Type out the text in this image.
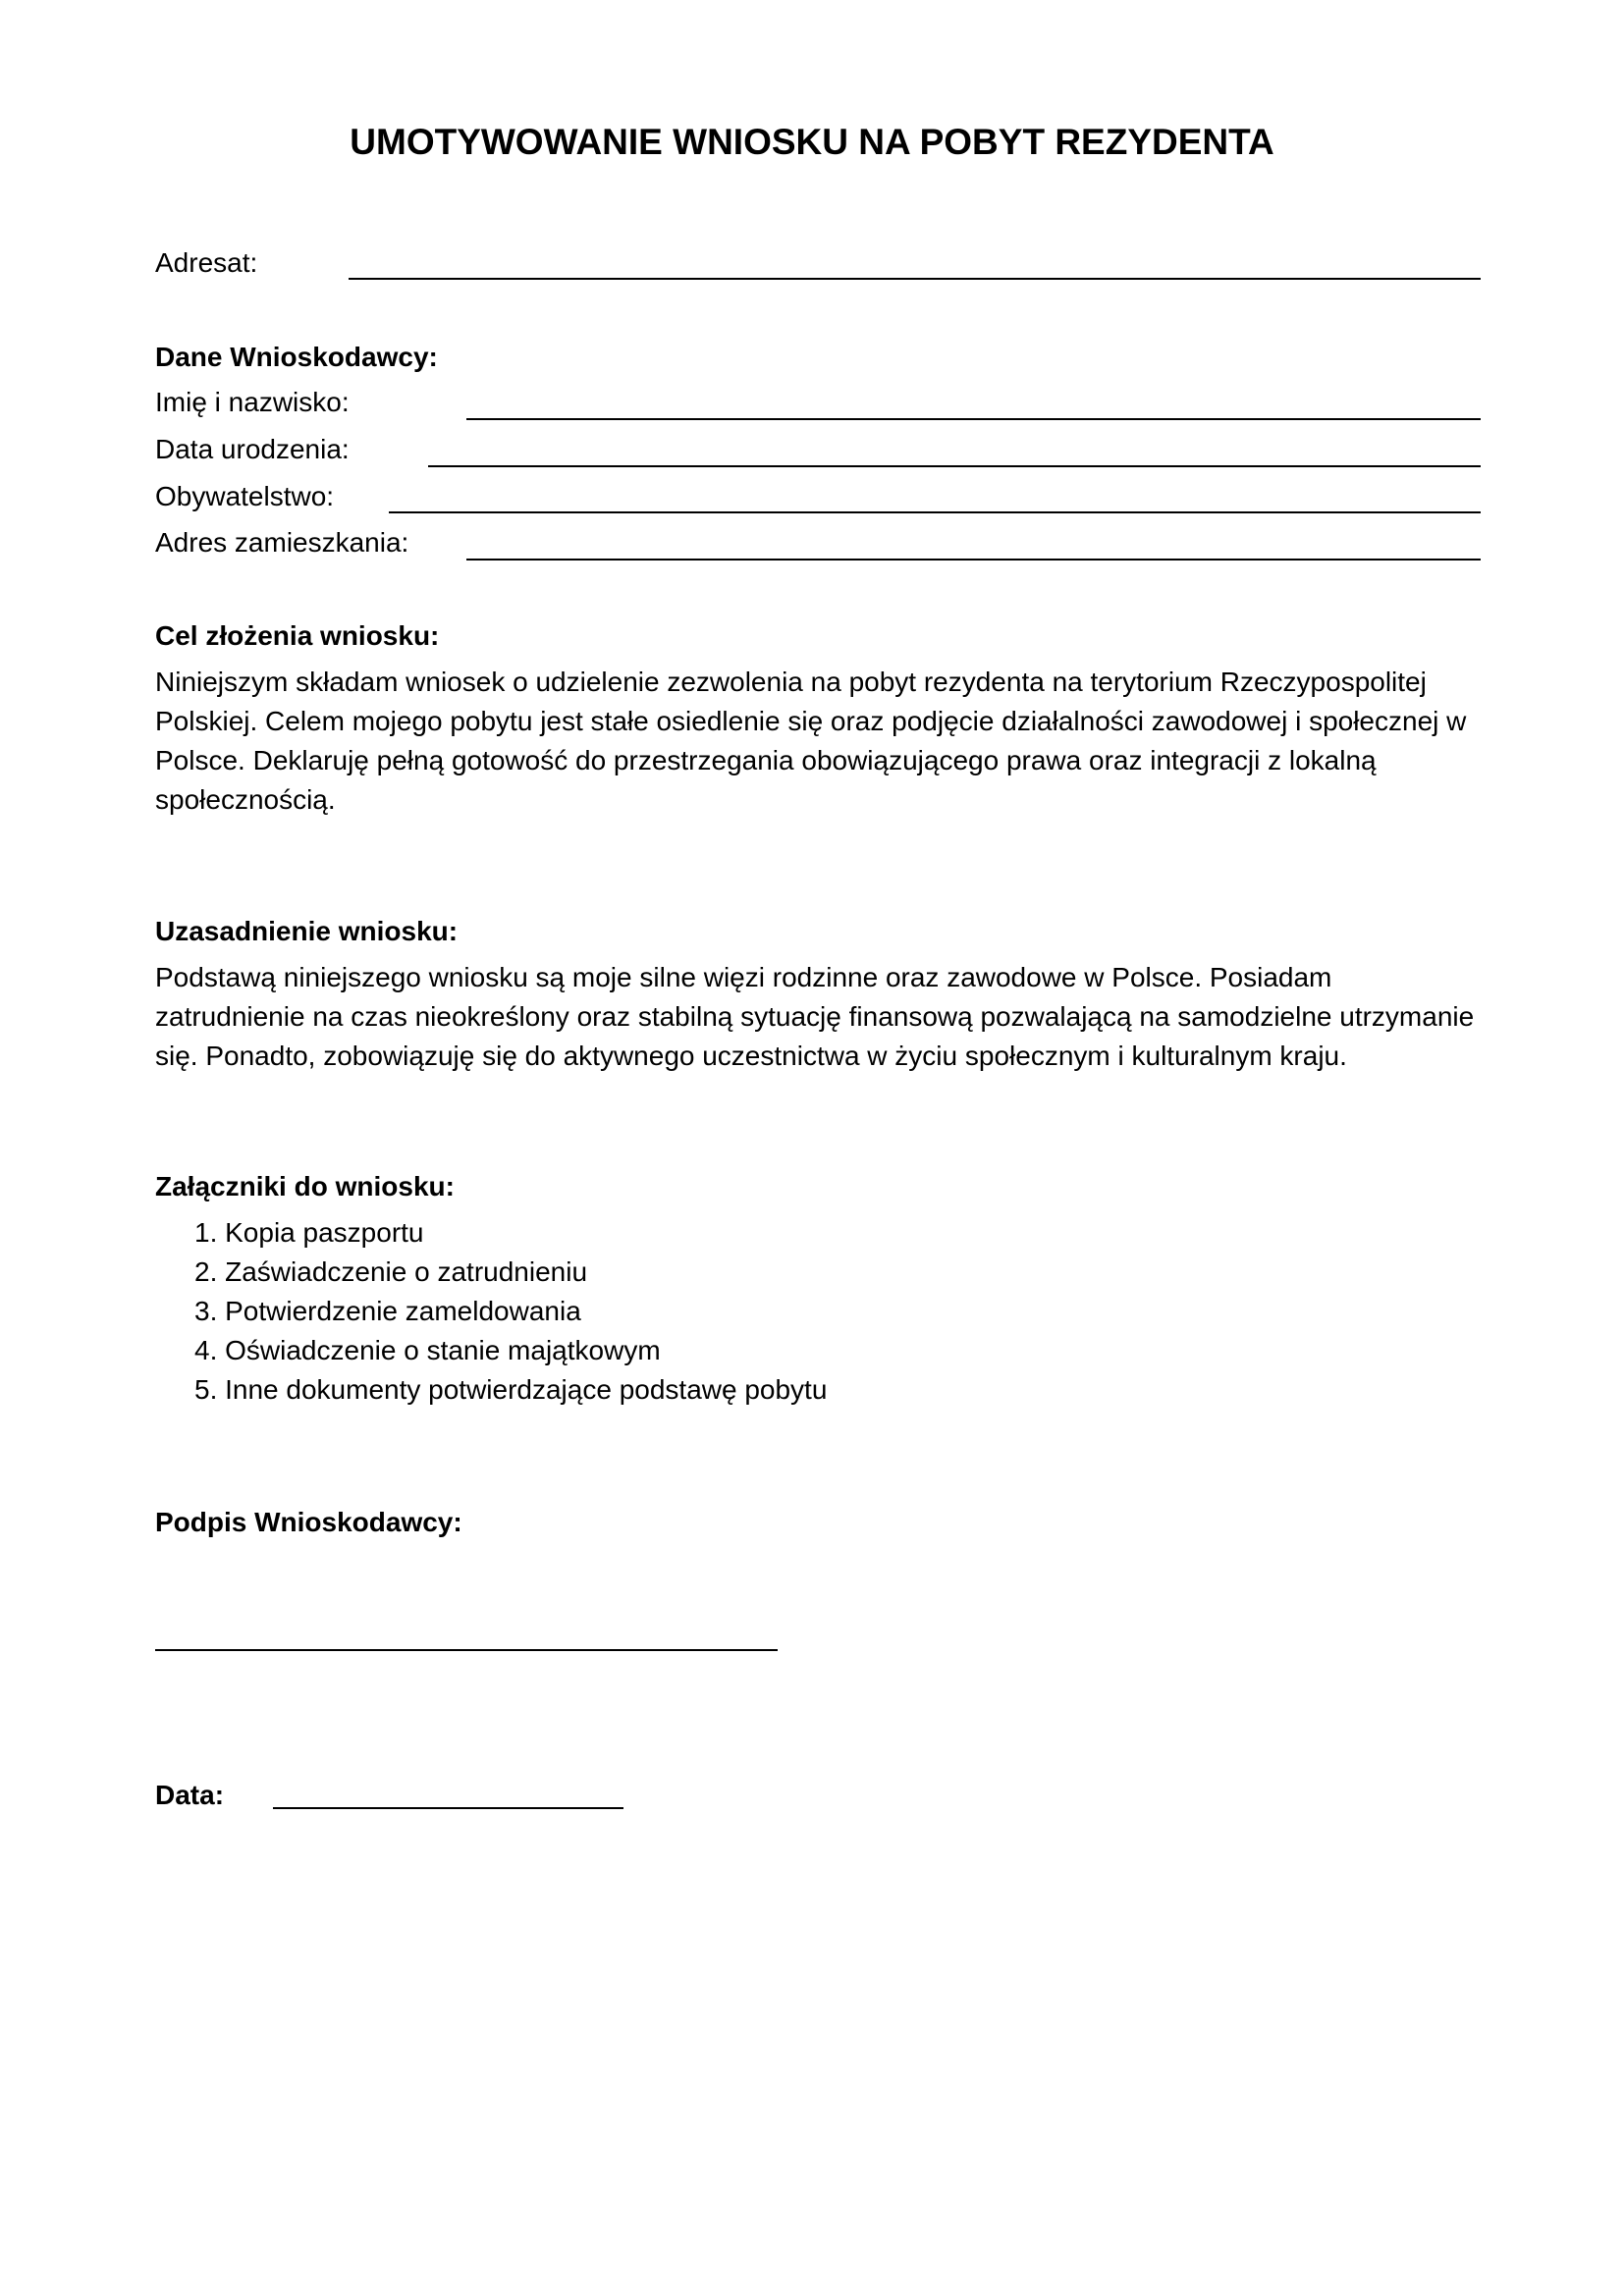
UMOTYWOWANIE WNIOSKU NA POBYT REZYDENTA
Adresat:
Dane Wnioskodawcy:
Imię i nazwisko:
Data urodzenia:
Obywatelstwo:
Adres zamieszkania:
Cel złożenia wniosku:
Niniejszym składam wniosek o udzielenie zezwolenia na pobyt rezydenta na terytorium Rzeczypospolitej
Polskiej. Celem mojego pobytu jest stałe osiedlenie się oraz podjęcie działalności zawodowej i społecznej w
Polsce. Deklaruję pełną gotowość do przestrzegania obowiązującego prawa oraz integracji z lokalną
społecznością.
Uzasadnienie wniosku:
Podstawą niniejszego wniosku są moje silne więzi rodzinne oraz zawodowe w Polsce. Posiadam
zatrudnienie na czas nieokreślony oraz stabilną sytuację finansową pozwalającą na samodzielne utrzymanie
się. Ponadto, zobowiązuję się do aktywnego uczestnictwa w życiu społecznym i kulturalnym kraju.
Załączniki do wniosku:
1. Kopia paszportu
2. Zaświadczenie o zatrudnieniu
3. Potwierdzenie zameldowania
4. Oświadczenie o stanie majątkowym
5. Inne dokumenty potwierdzające podstawę pobytu
Podpis Wnioskodawcy:
Data:
